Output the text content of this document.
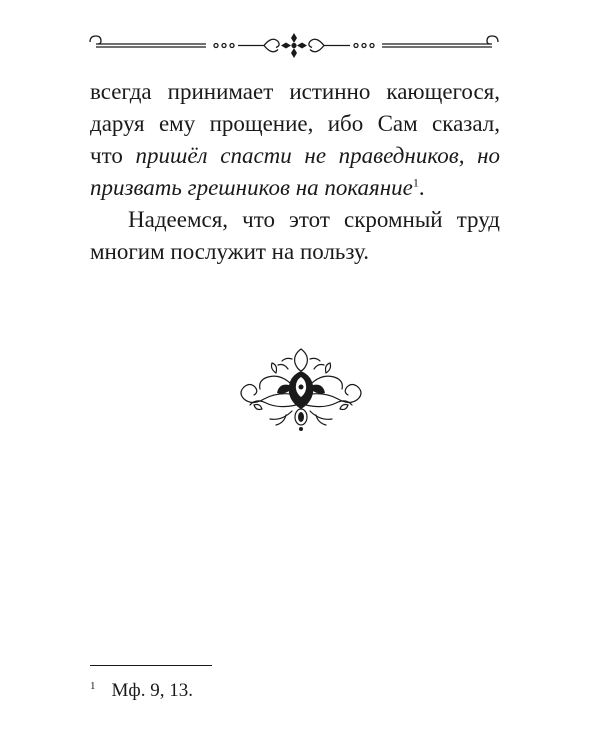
всегда принимает истинно кающегося,
даруя ему прощение, ибо Сам сказал,
что пришёл спасти не праведников, но
призвать грешников на покаяние$^1$.
Надеемся, что этот скромный труд
многим послужит на пользу.
$^1$ Мф. 9, 13.
